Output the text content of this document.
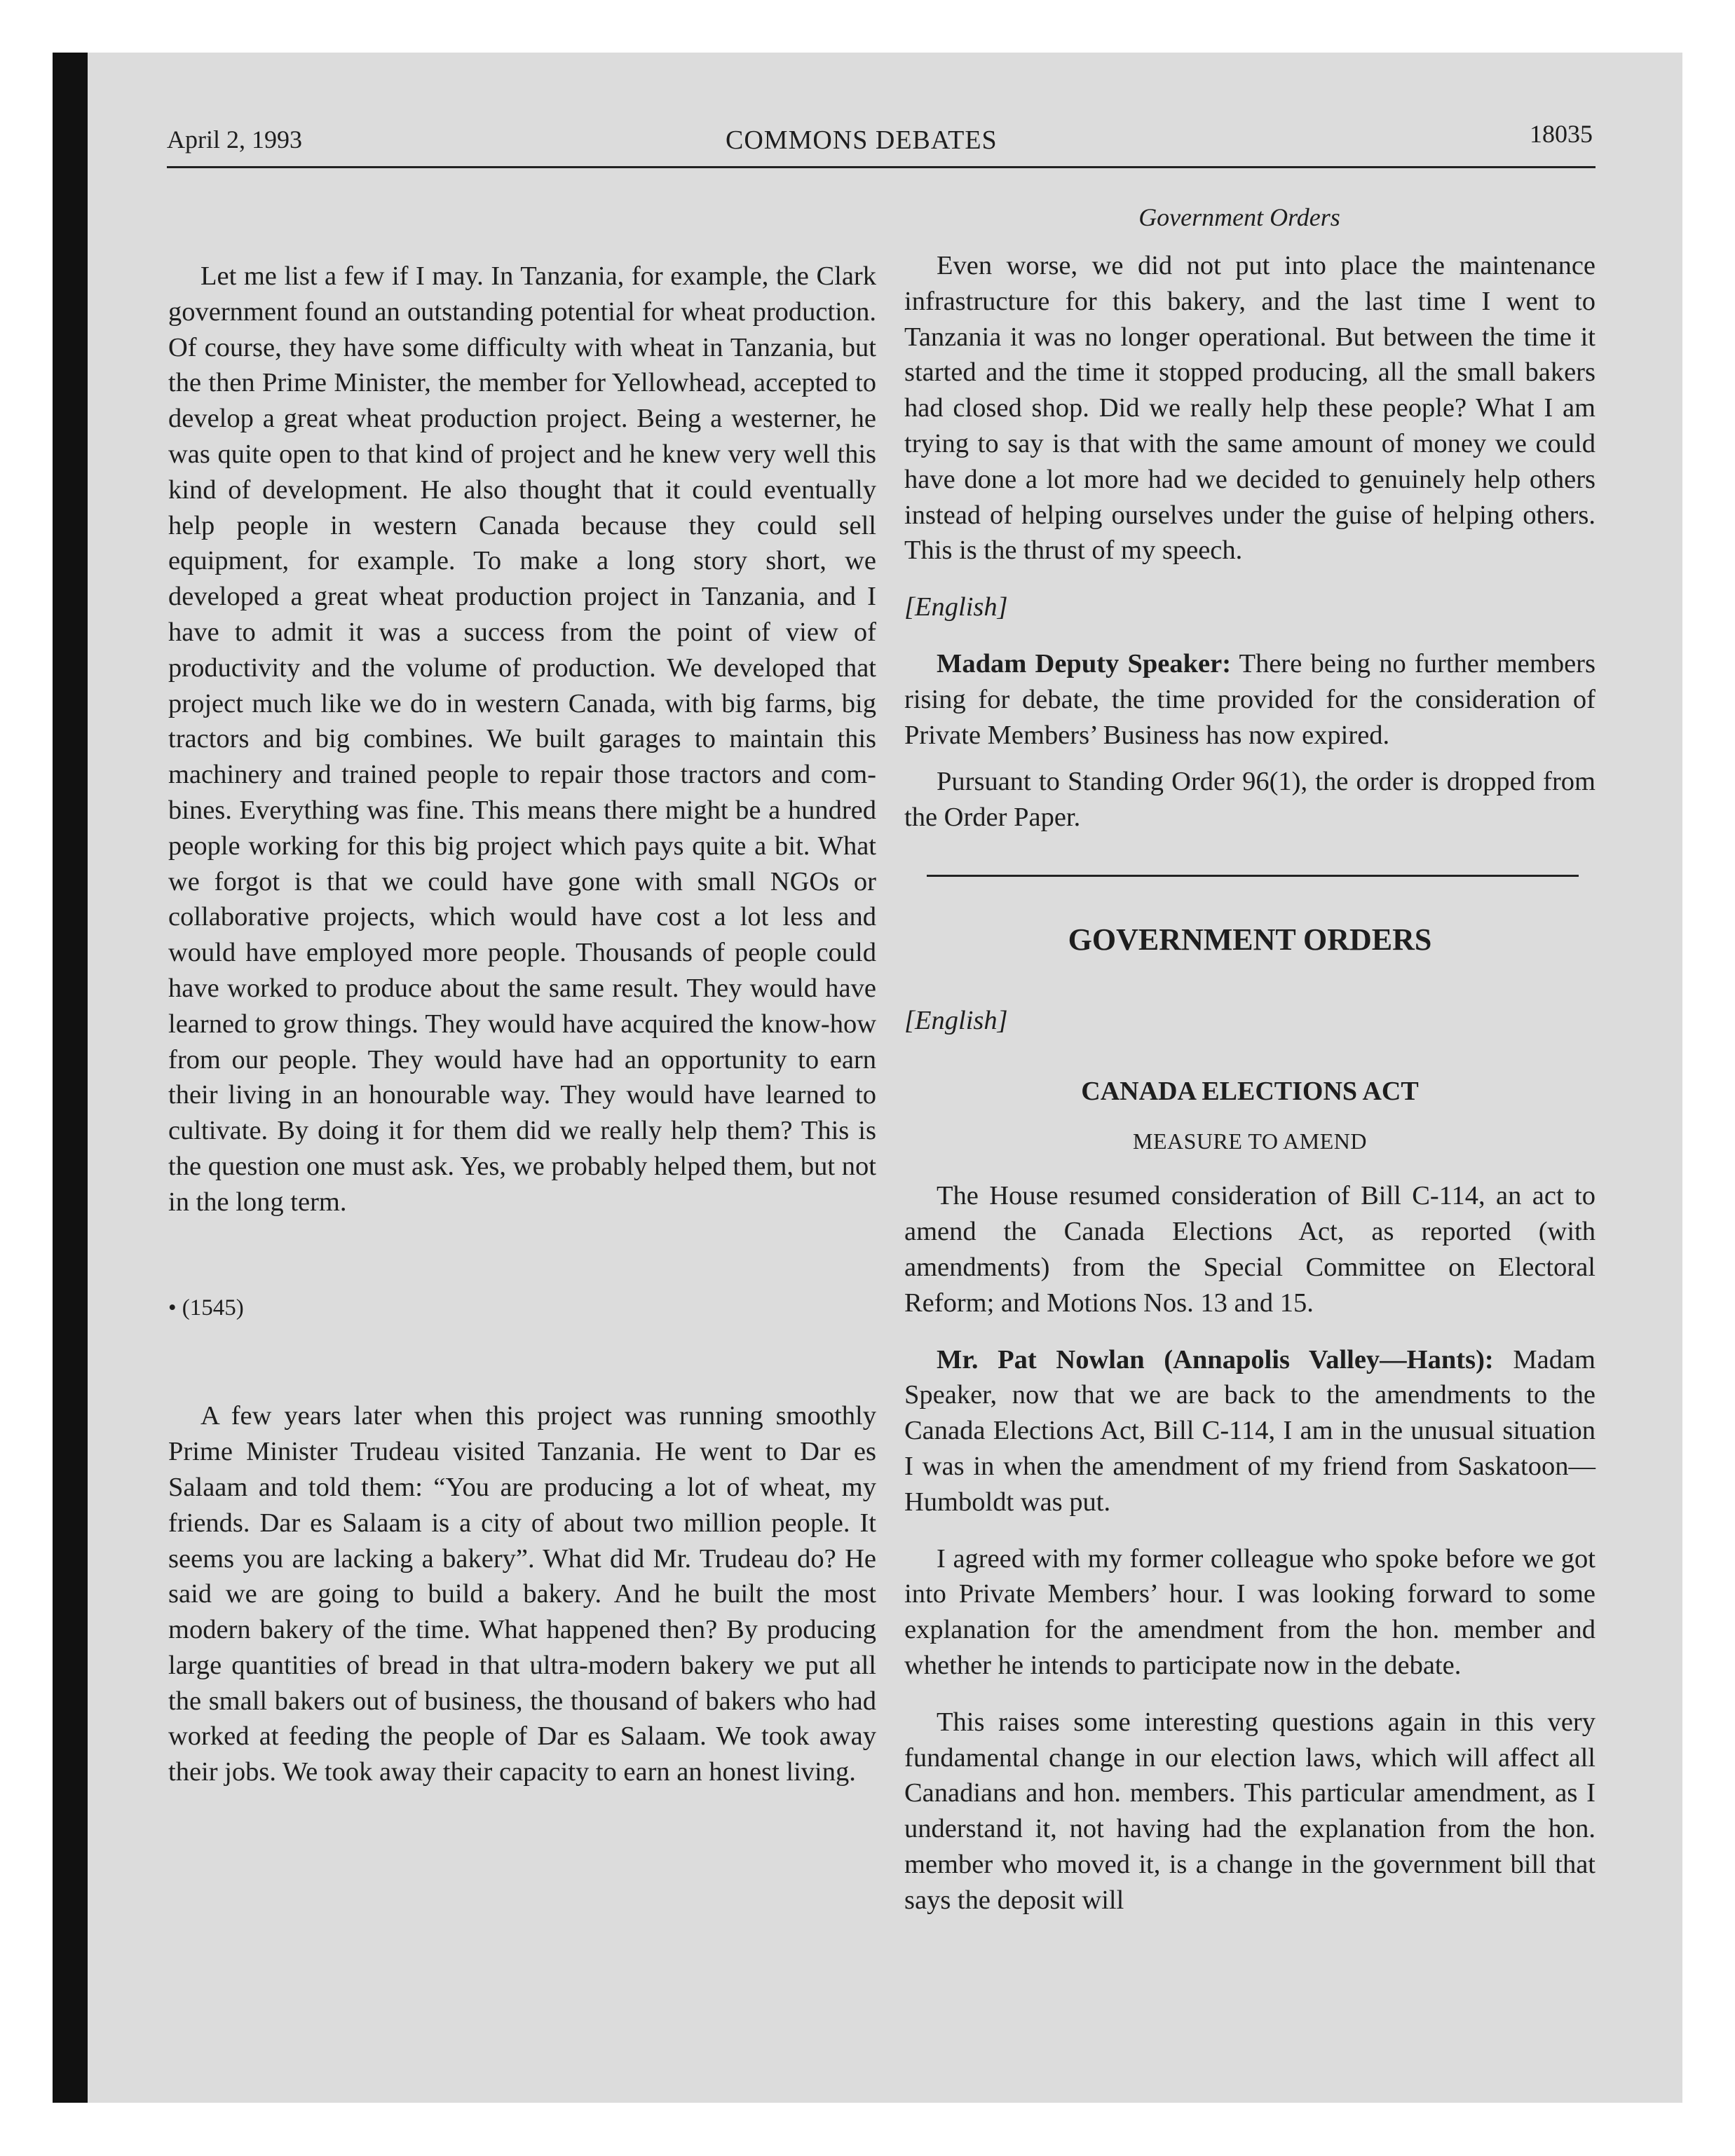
April 2, 1993	COMMONS DEBATES	18035
Government Orders

Let me list a few if I may. In Tanzania, for example, the Clark government found an outstanding potential for wheat production. Of course, they have some difficulty with wheat in Tanzania, but the then Prime Minister, the member for Yellowhead, accepted to develop a great wheat production project. Being a westerner, he was quite open to that kind of project and he knew very well this kind of development. He also thought that it could eventually help people in western Canada because they could sell equipment, for example. To make a long story short, we developed a great wheat production project in Tanzania, and I have to admit it was a success from the point of view of productivity and the volume of production. We developed that project much like we do in western Canada, with big farms, big tractors and big combines. We built garages to maintain this machinery and trained people to repair those tractors and combines. Everything was fine. This means there might be a hundred people working for this big project which pays quite a bit. What we forgot is that we could have gone with small NGOs or collaborative projects, which would have cost a lot less and would have employed more people. Thousands of people could have worked to produce about the same result. They would have learned to grow things. They would have acquired the know-how from our people. They would have had an opportunity to earn their living in an honourable way. They would have learned to cultivate. By doing it for them did we really help them? This is the question one must ask. Yes, we probably helped them, but not in the long term.

• (1545)

A few years later when this project was running smoothly Prime Minister Trudeau visited Tanzania. He went to Dar es Salaam and told them: “You are producing a lot of wheat, my friends. Dar es Salaam is a city of about two million people. It seems you are lacking a bakery”. What did Mr. Trudeau do? He said we are going to build a bakery. And he built the most modern bakery of the time. What happened then? By producing large quantities of bread in that ultra-modern bakery we put all the small bakers out of business, the thousand of bakers who had worked at feeding the people of Dar es Salaam. We took away their jobs. We took away their capacity to earn an honest living.

Even worse, we did not put into place the maintenance infrastructure for this bakery, and the last time I went to Tanzania it was no longer operational. But between the time it started and the time it stopped producing, all the small bakers had closed shop. Did we really help these people? What I am trying to say is that with the same amount of money we could have done a lot more had we decided to genuinely help others instead of helping ourselves under the guise of helping others. This is the thrust of my speech.

[English]

Madam Deputy Speaker: There being no further members rising for debate, the time provided for the consideration of Private Members’ Business has now expired.

Pursuant to Standing Order 96(1), the order is dropped from the Order Paper.

GOVERNMENT ORDERS

[English]

CANADA ELECTIONS ACT

MEASURE TO AMEND

The House resumed consideration of Bill C-114, an act to amend the Canada Elections Act, as reported (with amendments) from the Special Committee on Electoral Reform; and Motions Nos. 13 and 15.

Mr. Pat Nowlan (Annapolis Valley—Hants): Madam Speaker, now that we are back to the amendments to the Canada Elections Act, Bill C-114, I am in the unusual situation I was in when the amendment of my friend from Saskatoon—Humboldt was put.

I agreed with my former colleague who spoke before we got into Private Members’ hour. I was looking forward to some explanation for the amendment from the hon. member and whether he intends to participate now in the debate.

This raises some interesting questions again in this very fundamental change in our election laws, which will affect all Canadians and hon. members. This particular amendment, as I understand it, not having had the explanation from the hon. member who moved it, is a change in the government bill that says the deposit will
